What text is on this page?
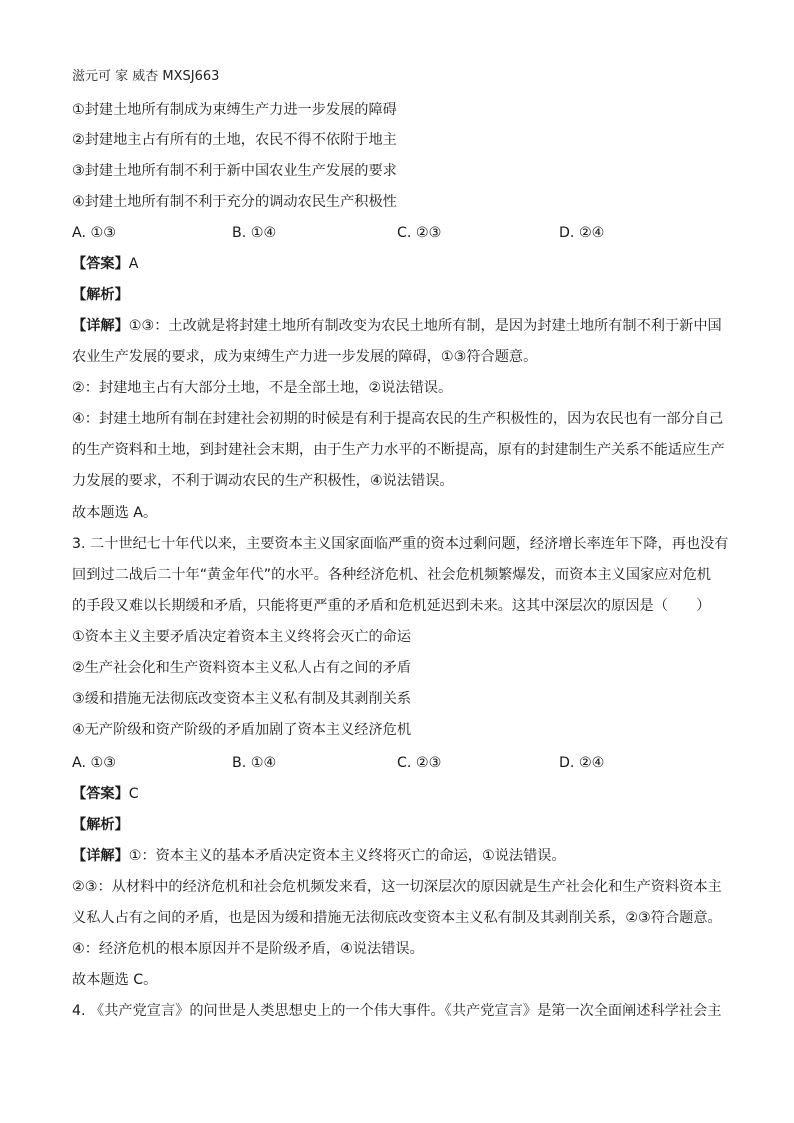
滋元可 家 威杏 MXSJ663
①封建土地所有制成为束缚生产力进一步发展的障碍
②封建地主占有所有的土地，农民不得不依附于地主
③封建土地所有制不利于新中国农业生产发展的要求
④封建土地所有制不利于充分的调动农民生产积极性
A. ①③	B. ①④	C. ②③	D. ②④
【答案】A
【解析】
【详解】①③：土改就是将封建土地所有制改变为农民土地所有制，是因为封建土地所有制不利于新中国
农业生产发展的要求，成为束缚生产力进一步发展的障碍，①③符合题意。
②：封建地主占有大部分土地，不是全部土地，②说法错误。
④：封建土地所有制在封建社会初期的时候是有利于提高农民的生产积极性的，因为农民也有一部分自己
的生产资料和土地，到封建社会末期，由于生产力水平的不断提高，原有的封建制生产关系不能适应生产
力发展的要求，不利于调动农民的生产积极性，④说法错误。
故本题选 A。
3. 二十世纪七十年代以来，主要资本主义国家面临严重的资本过剩问题，经济增长率连年下降，再也没有
回到过二战后二十年“黄金年代”的水平。各种经济危机、社会危机频繁爆发，而资本主义国家应对危机
的手段又难以长期缓和矛盾，只能将更严重的矛盾和危机延迟到未来。这其中深层次的原因是（　　）
①资本主义主要矛盾决定着资本主义终将会灭亡的命运
②生产社会化和生产资料资本主义私人占有之间的矛盾
③缓和措施无法彻底改变资本主义私有制及其剥削关系
④无产阶级和资产阶级的矛盾加剧了资本主义经济危机
A. ①③	B. ①④	C. ②③	D. ②④
【答案】C
【解析】
【详解】①：资本主义的基本矛盾决定资本主义终将灭亡的命运，①说法错误。
②③：从材料中的经济危机和社会危机频发来看，这一切深层次的原因就是生产社会化和生产资料资本主
义私人占有之间的矛盾，也是因为缓和措施无法彻底改变资本主义私有制及其剥削关系，②③符合题意。
④：经济危机的根本原因并不是阶级矛盾，④说法错误。
故本题选 C。
4. 《共产党宣言》的问世是人类思想史上的一个伟大事件。《共产党宣言》是第一次全面阐述科学社会主
